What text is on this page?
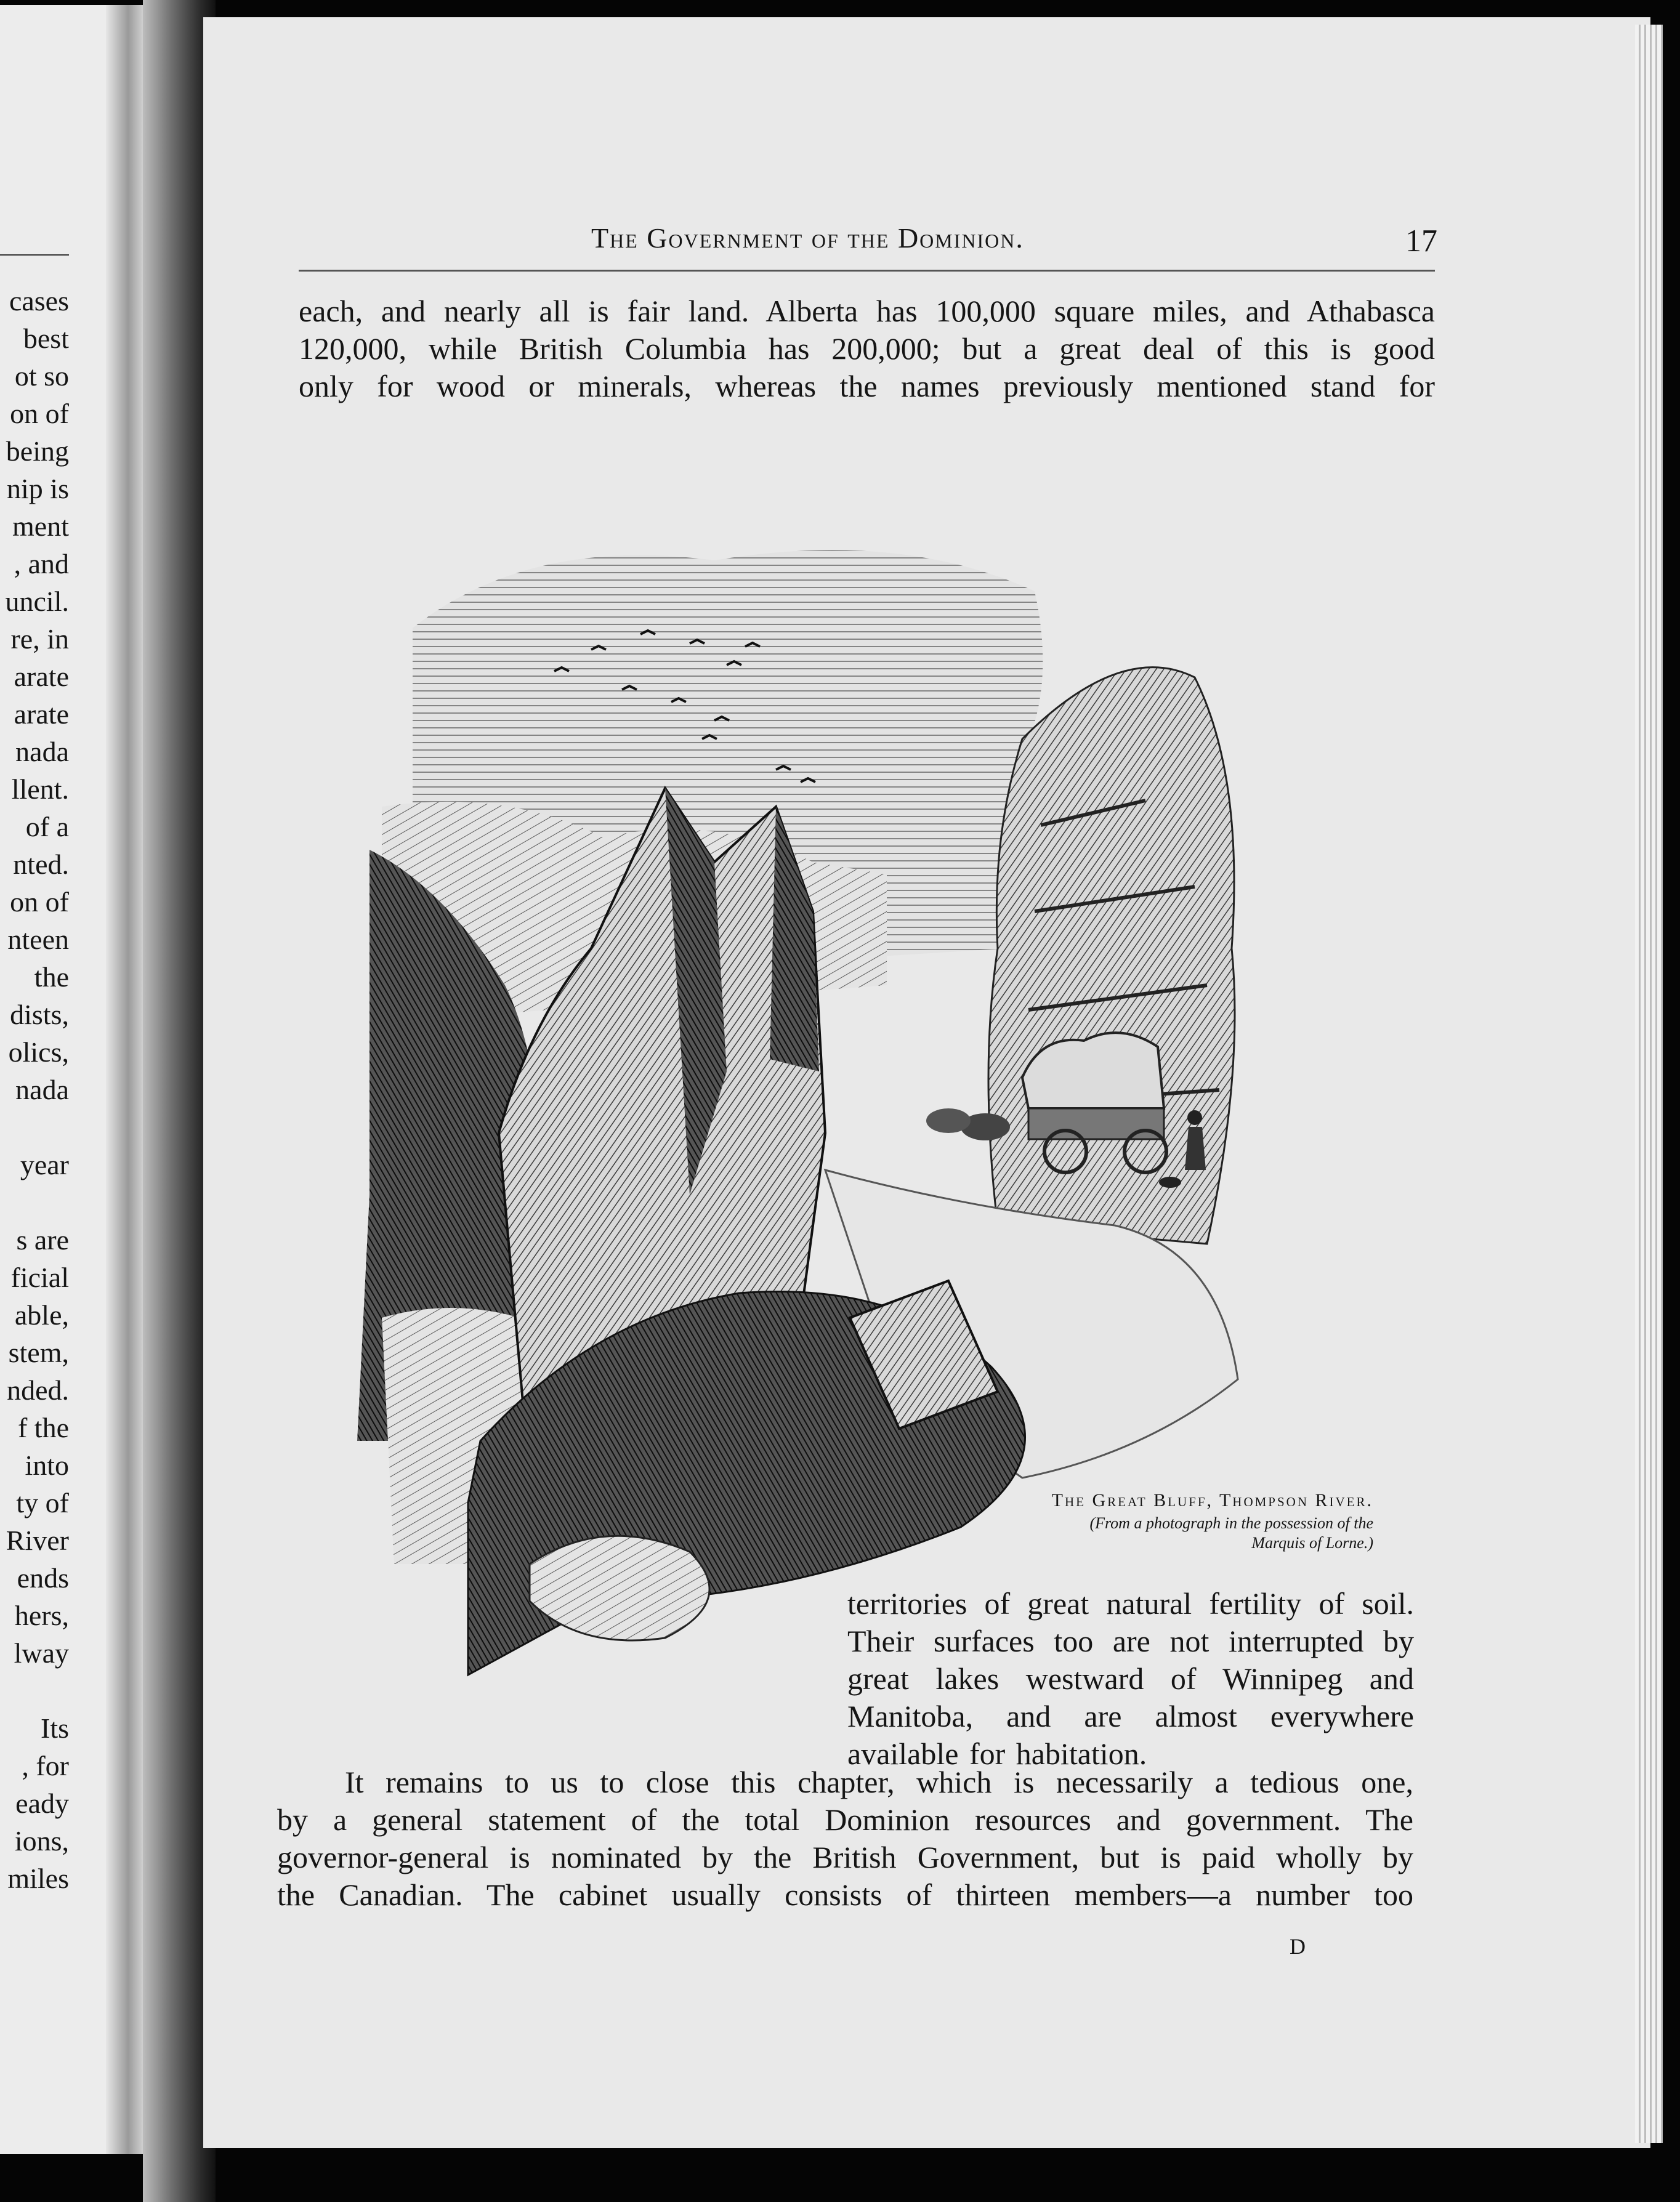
cases
best
ot so
on of
being
nip is
ment
, and
uncil.
re, in
arate
arate
nada
llent.
of a
nted.
on of
nteen
the
dists,
olics,
nada
year
s are
ficial
able,
stem,
nded.
f the
into
ty of
River
ends
hers,
lway
Its
, for
eady
ions,
miles
The Government of the Dominion.	17
each, and nearly all is fair land. Alberta has 100,000 square miles, and Athabasca
120,000, while British Columbia has 200,000; but a great deal of this is good
only for wood or minerals, whereas the names previously mentioned stand for
The Great Bluff, Thompson River.
(From a photograph in the possession of the
Marquis of Lorne.)
territories of great natural fertility of soil.
Their surfaces too are not interrupted by
great lakes westward of Winnipeg and
Manitoba, and are almost everywhere
available for habitation.
It remains to us to close this chapter, which is necessarily a tedious one,
by a general statement of the total Dominion resources and government. The
governor-general is nominated by the British Government, but is paid wholly by
the Canadian. The cabinet usually consists of thirteen members—a number too
D
